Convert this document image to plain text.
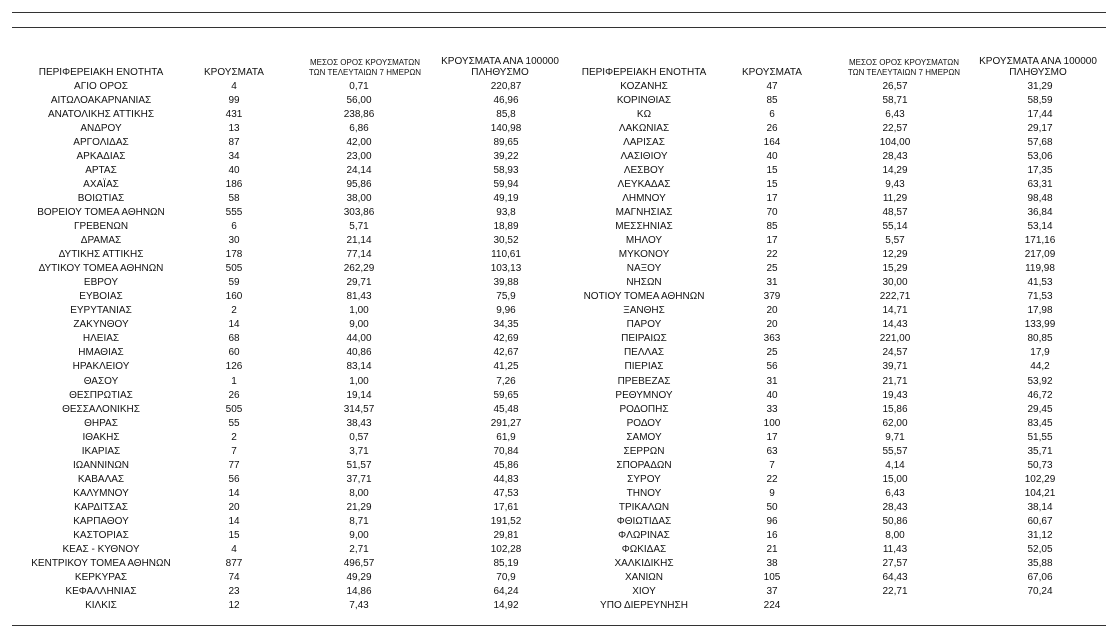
ΠΕΡΙΦΕΡΕΙΑΚΗ ΕΝΟΤΗΤΑ	ΚΡΟΥΣΜΑΤΑ
ΜΕΣΟΣ ΟΡΟΣ ΚΡΟΥΣΜΑΤΩΝ
ΤΩΝ ΤΕΛΕΥΤΑΙΩΝ 7 ΗΜΕΡΩΝ
ΚΡΟΥΣΜΑΤΑ ΑΝΑ 100000
ΠΛΗΘΥΣΜΟ	ΠΕΡΙΦΕΡΕΙΑΚΗ ΕΝΟΤΗΤΑ	ΚΡΟΥΣΜΑΤΑ
ΜΕΣΟΣ ΟΡΟΣ ΚΡΟΥΣΜΑΤΩΝ
ΤΩΝ ΤΕΛΕΥΤΑΙΩΝ 7 ΗΜΕΡΩΝ
ΚΡΟΥΣΜΑΤΑ ΑΝΑ 100000
ΠΛΗΘΥΣΜΟ
ΑΓΙΟ ΟΡΟΣ	4	0,71	220,87
ΑΙΤΩΛΟΑΚΑΡΝΑΝΙΑΣ	99	56,00	46,96
ΑΝΑΤΟΛΙΚΗΣ ΑΤΤΙΚΗΣ	431	238,86	85,8
ΑΝΔΡΟΥ	13	6,86	140,98
ΑΡΓΟΛΙΔΑΣ	87	42,00	89,65
ΑΡΚΑΔΙΑΣ	34	23,00	39,22
ΑΡΤΑΣ	40	24,14	58,93
ΑΧΑΪΑΣ	186	95,86	59,94
ΒΟΙΩΤΙΑΣ	58	38,00	49,19
ΒΟΡΕΙΟΥ ΤΟΜΕΑ ΑΘΗΝΩΝ	555	303,86	93,8
ΓΡΕΒΕΝΩΝ	6	5,71	18,89
ΔΡΑΜΑΣ	30	21,14	30,52
ΔΥΤΙΚΗΣ ΑΤΤΙΚΗΣ	178	77,14	110,61
ΔΥΤΙΚΟΥ ΤΟΜΕΑ ΑΘΗΝΩΝ	505	262,29	103,13
ΕΒΡΟΥ	59	29,71	39,88
ΕΥΒΟΙΑΣ	160	81,43	75,9
ΕΥΡΥΤΑΝΙΑΣ	2	1,00	9,96
ΖΑΚΥΝΘΟΥ	14	9,00	34,35
ΗΛΕΙΑΣ	68	44,00	42,69
ΗΜΑΘΙΑΣ	60	40,86	42,67
ΗΡΑΚΛΕΙΟΥ	126	83,14	41,25
ΘΑΣΟΥ	1	1,00	7,26
ΘΕΣΠΡΩΤΙΑΣ	26	19,14	59,65
ΘΕΣΣΑΛΟΝΙΚΗΣ	505	314,57	45,48
ΘΗΡΑΣ	55	38,43	291,27
ΙΘΑΚΗΣ	2	0,57	61,9
ΙΚΑΡΙΑΣ	7	3,71	70,84
ΙΩΑΝΝΙΝΩΝ	77	51,57	45,86
ΚΑΒΑΛΑΣ	56	37,71	44,83
ΚΑΛΥΜΝΟΥ	14	8,00	47,53
ΚΑΡΔΙΤΣΑΣ	20	21,29	17,61
ΚΑΡΠΑΘΟΥ	14	8,71	191,52
ΚΑΣΤΟΡΙΑΣ	15	9,00	29,81
ΚΕΑΣ - ΚΥΘΝΟΥ	4	2,71	102,28
ΚΕΝΤΡΙΚΟΥ ΤΟΜΕΑ ΑΘΗΝΩΝ	877	496,57	85,19
ΚΕΡΚΥΡΑΣ	74	49,29	70,9
ΚΕΦΑΛΛΗΝΙΑΣ	23	14,86	64,24
ΚΙΛΚΙΣ	12	7,43	14,92
ΚΟΖΑΝΗΣ	47	26,57	31,29
ΚΟΡΙΝΘΙΑΣ	85	58,71	58,59
ΚΩ	6	6,43	17,44
ΛΑΚΩΝΙΑΣ	26	22,57	29,17
ΛΑΡΙΣΑΣ	164	104,00	57,68
ΛΑΣΙΘΙΟΥ	40	28,43	53,06
ΛΕΣΒΟΥ	15	14,29	17,35
ΛΕΥΚΑΔΑΣ	15	9,43	63,31
ΛΗΜΝΟΥ	17	11,29	98,48
ΜΑΓΝΗΣΙΑΣ	70	48,57	36,84
ΜΕΣΣΗΝΙΑΣ	85	55,14	53,14
ΜΗΛΟΥ	17	5,57	171,16
ΜΥΚΟΝΟΥ	22	12,29	217,09
ΝΑΞΟΥ	25	15,29	119,98
ΝΗΣΩΝ	31	30,00	41,53
ΝΟΤΙΟΥ ΤΟΜΕΑ ΑΘΗΝΩΝ	379	222,71	71,53
ΞΑΝΘΗΣ	20	14,71	17,98
ΠΑΡΟΥ	20	14,43	133,99
ΠΕΙΡΑΙΩΣ	363	221,00	80,85
ΠΕΛΛΑΣ	25	24,57	17,9
ΠΙΕΡΙΑΣ	56	39,71	44,2
ΠΡΕΒΕΖΑΣ	31	21,71	53,92
ΡΕΘΥΜΝΟΥ	40	19,43	46,72
ΡΟΔΟΠΗΣ	33	15,86	29,45
ΡΟΔΟΥ	100	62,00	83,45
ΣΑΜΟΥ	17	9,71	51,55
ΣΕΡΡΩΝ	63	55,57	35,71
ΣΠΟΡΑΔΩΝ	7	4,14	50,73
ΣΥΡΟΥ	22	15,00	102,29
ΤΗΝΟΥ	9	6,43	104,21
ΤΡΙΚΑΛΩΝ	50	28,43	38,14
ΦΘΙΩΤΙΔΑΣ	96	50,86	60,67
ΦΛΩΡΙΝΑΣ	16	8,00	31,12
ΦΩΚΙΔΑΣ	21	11,43	52,05
ΧΑΛΚΙΔΙΚΗΣ	38	27,57	35,88
ΧΑΝΙΩΝ	105	64,43	67,06
ΧΙΟΥ	37	22,71	70,24
ΥΠΟ ΔΙΕΡΕΥΝΗΣΗ	224		
